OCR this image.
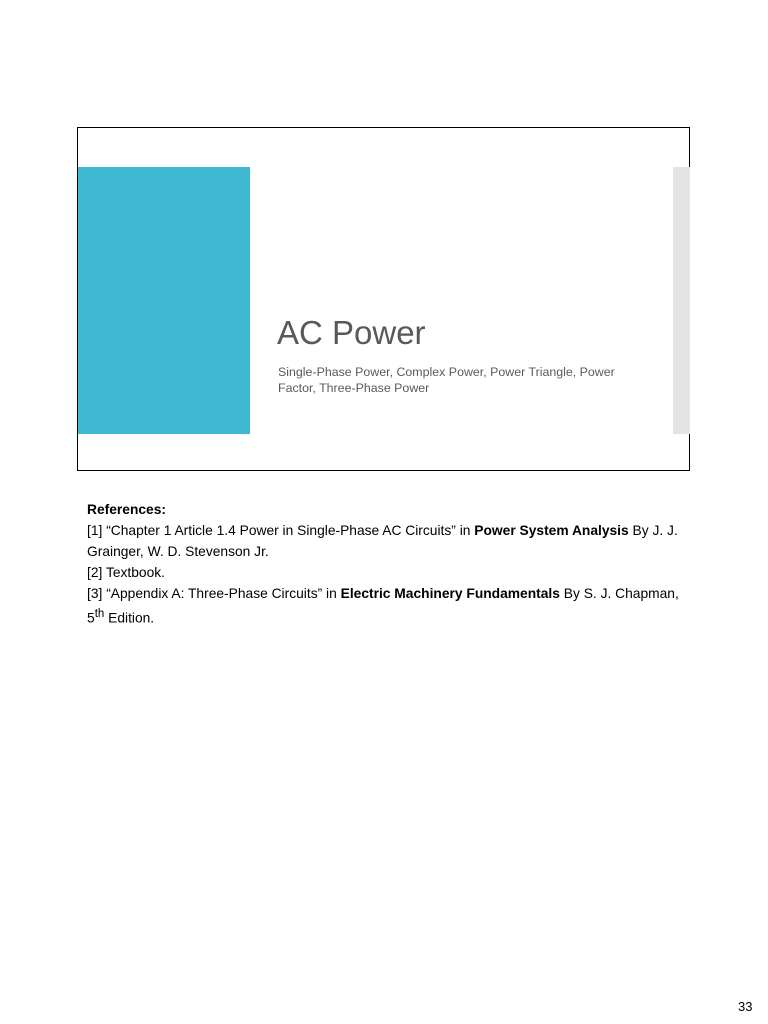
AC Power
Single-Phase Power, Complex Power, Power Triangle, Power Factor, Three-Phase Power

References:

[1] “Chapter 1 Article 1.4 Power in Single-Phase AC Circuits” in Power System Analysis By J. J. Grainger, W. D. Stevenson Jr.

[2] Textbook.

[3] “Appendix A: Three-Phase Circuits” in Electric Machinery Fundamentals By S. J. Chapman, 5th Edition.

33
